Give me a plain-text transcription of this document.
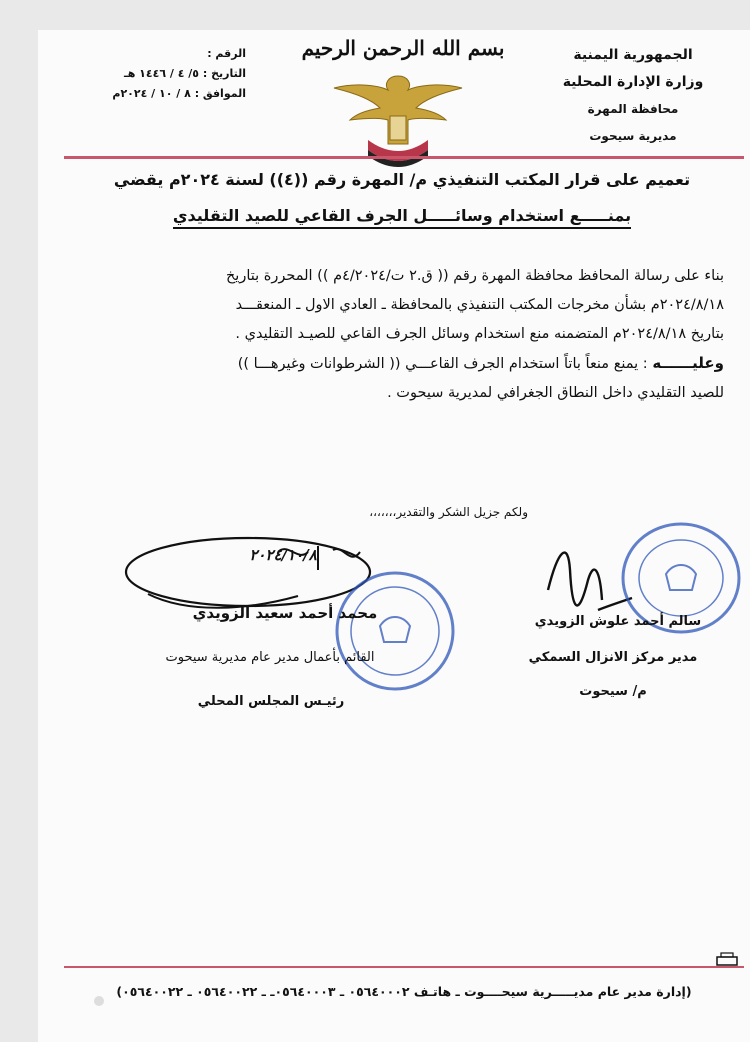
الجمهورية اليمنية
وزارة الإدارة المحلية
محافظة المهرة
مديرية سيحوت
بسم الله الرحمن الرحيم
الرقم :
التاريخ : ٥/ ٤ / ١٤٤٦ هـ
الموافق : ٨ / ١٠ / ٢٠٢٤م
تعميم على قرار المكتب التنفيذي م/ المهرة رقم ((٤)) لسنة ٢٠٢٤م يقضي
بمنـــــع استخدام وسائـــــل الجرف القاعي للصيد التقليدي

بناء على رسالة المحافظ محافظة المهرة رقم (( ق.٢ ت/٤/٢٠٢٤م )) المحررة بتاريخ

٢٠٢٤/٨/١٨م بشأن مخرجات المكتب التنفيذي بالمحافظة ـ العادي الاول ـ المنعقـــد

بتاريخ ٢٠٢٤/٨/١٨م المتضمنه منع استخدام وسائل الجرف القاعي للصيـد التقليدي .

وعليــــــه : يمنع منعاً باتاً استخدام الجرف القاعـــي (( الشرطوانات وغيرهـــا ))

للصيد التقليدي داخل النطاق الجغرافي لمديرية سيحوت .

ولكم جزيل الشكر والتقدير،،،،،،،
٢٠٢٤/١٠/٨
محمد أحمد سعيد الزويدي
القائم بأعمال مدير عام مديرية سيحوت
رئيـس المجلس المحلي
سالم أحمد علوش الزويدي
مدير مركز الانزال السمكي
م/ سيحوت
(إدارة مدير عام مديـــــرية سيحــــوت ـ هاتـف ٠٥٦٤٠٠٠٢ ـ ٠٥٦٤٠٠٠٣ـ ـ ٠٥٦٤٠٠٢٢ ـ ٠٥٦٤٠٠٢٢)
